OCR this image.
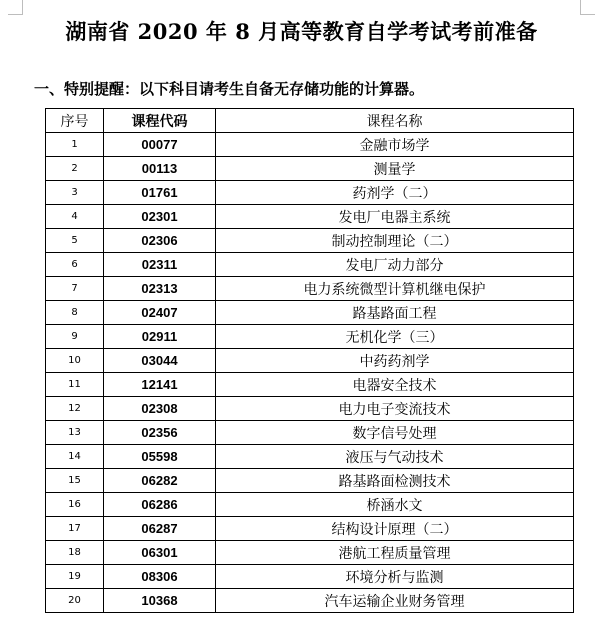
湖南省 2020 年 8 月高等教育自学考试考前准备
一、特别提醒：以下科目请考生自备无存储功能的计算器。
序号	课程代码	课程名称
1	00077	金融市场学
2	00113	测量学
3	01761	药剂学（二）
4	02301	发电厂电器主系统
5	02306	制动控制理论（二）
6	02311	发电厂动力部分
7	02313	电力系统微型计算机继电保护
8	02407	路基路面工程
9	02911	无机化学（三）
10	03044	中药药剂学
11	12141	电器安全技术
12	02308	电力电子变流技术
13	02356	数字信号处理
14	05598	液压与气动技术
15	06282	路基路面检测技术
16	06286	桥涵水文
17	06287	结构设计原理（二）
18	06301	港航工程质量管理
19	08306	环境分析与监测
20	10368	汽车运输企业财务管理
